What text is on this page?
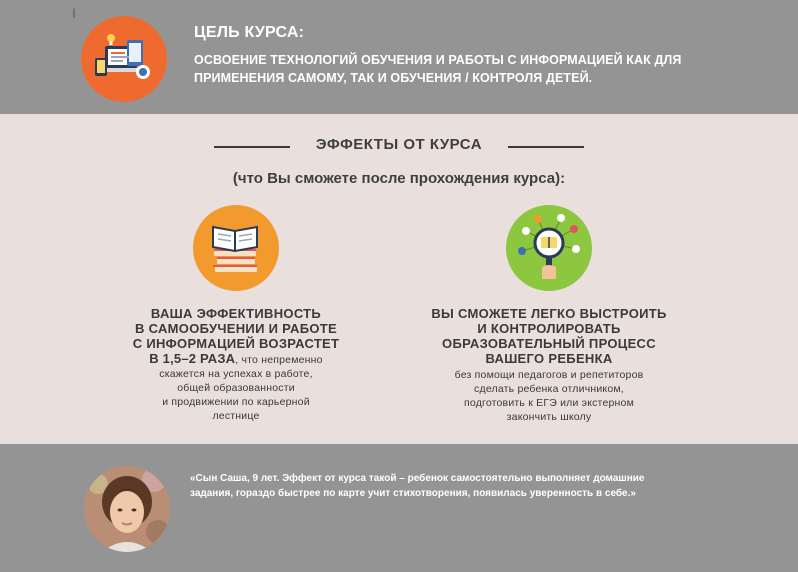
I
ЦЕЛЬ КУРСА:
ОСВОЕНИЕ ТЕХНОЛОГИЙ ОБУЧЕНИЯ И РАБОТЫ С ИНФОРМАЦИЕЙ КАК ДЛЯ ПРИМЕНЕНИЯ САМОМУ, ТАК И ОБУЧЕНИЯ / КОНТРОЛЯ ДЕТЕЙ.
ЭФФЕКТЫ ОТ КУРСА
(что Вы сможете после прохождения курса):
ВАША ЭФФЕКТИВНОСТЬ
В САМООБУЧЕНИИ И РАБОТЕ
С ИНФОРМАЦИЕЙ ВОЗРАСТЕТ
В 1,5–2 РАЗА, что непременно
скажется на успехах в работе,
общей образованности
и продвижении по карьерной
лестнице
ВЫ СМОЖЕТЕ ЛЕГКО ВЫСТРОИТЬ
И КОНТРОЛИРОВАТЬ
ОБРАЗОВАТЕЛЬНЫЙ ПРОЦЕСС
ВАШЕГО РЕБЕНКА
без помощи педагогов и репетиторов
сделать ребенка отличником,
подготовить к ЕГЭ или экстерном
закончить школу
«Сын Саша, 9 лет. Эффект от курса такой – ребенок самостоятельно выполняет домашние задания, гораздо быстрее по карте учит стихотворения, появилась уверенность в себе.»
